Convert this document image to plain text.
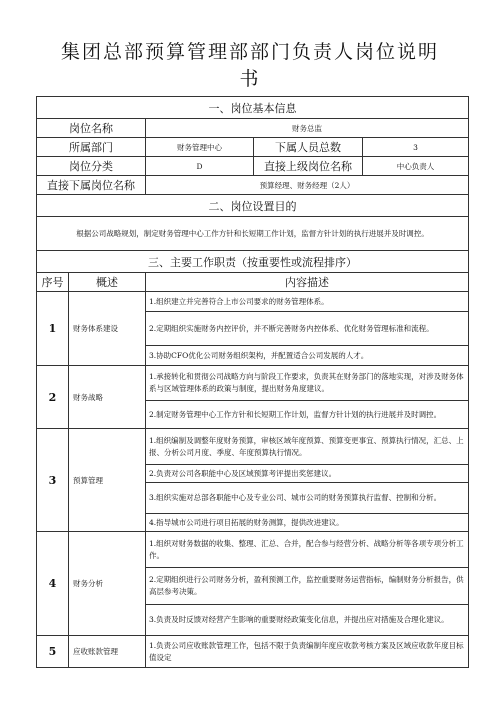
集团总部预算管理部部门负责人岗位说明
书
一、岗位基本信息				
岗位名称		财务总监		
所属部门		财务管理中心	下属人员总数	3
岗位分类		D	直接上级岗位名称	中心负责人
直接下属岗位名称		预算经理、财务经理（2人）		
二、岗位设置目的				
根据公司战略规划，制定财务管理中心工作方针和长短期工作计划，监督方针计划的执行进展并及时调控。				
三、主要工作职责（按重要性或流程排序）				
序号	概述	内容描述		
1	财务体系建设	1.组织建立并完善符合上市公司要求的财务管理体系。		
		2.定期组织实施财务内控评价，并不断完善财务内控体系、优化财务管理标准和流程。		
		3.协助CFO优化公司财务组织架构，并配置适合公司发展的人才。		
2	财务战略	1.承接转化和贯彻公司战略方向与阶段工作要求，负责其在财务部门的落地实现，对涉及财务体系与区域管理体系的政策与制度，提出财务角度建议。		
		2.制定财务管理中心工作方针和长短期工作计划，监督方针计划的执行进展并及时调控。		
3	预算管理	1.组织编制及调整年度财务预算，审核区域年度预算、预算变更事宜、预算执行情况，汇总、上报、分析公司月度、季度、年度预算执行情况。		
		2.负责对公司各职能中心及区域预算考评提出奖惩建议。		
		3.组织实施对总部各职能中心及专业公司、城市公司的财务预算执行监督、控制和分析。		
		4.指导城市公司进行项目拓展的财务测算，提供改进建议。		
4	财务分析	1.组织对财务数据的收集、整理、汇总、合并，配合参与经营分析、战略分析等各项专项分析工作。		
		2.定期组织进行公司财务分析，盈利预测工作，监控重要财务运营指标，编制财务分析报告，供高层参考决策。		
		3.负责及时反馈对经营产生影响的重要财经政策变化信息，并提出应对措施及合理化建议。		
5	应收账款管理	1.负责公司应收账款管理工作，包括不限于负责编制年度应收款考核方案及区域应收款年度目标值设定		
